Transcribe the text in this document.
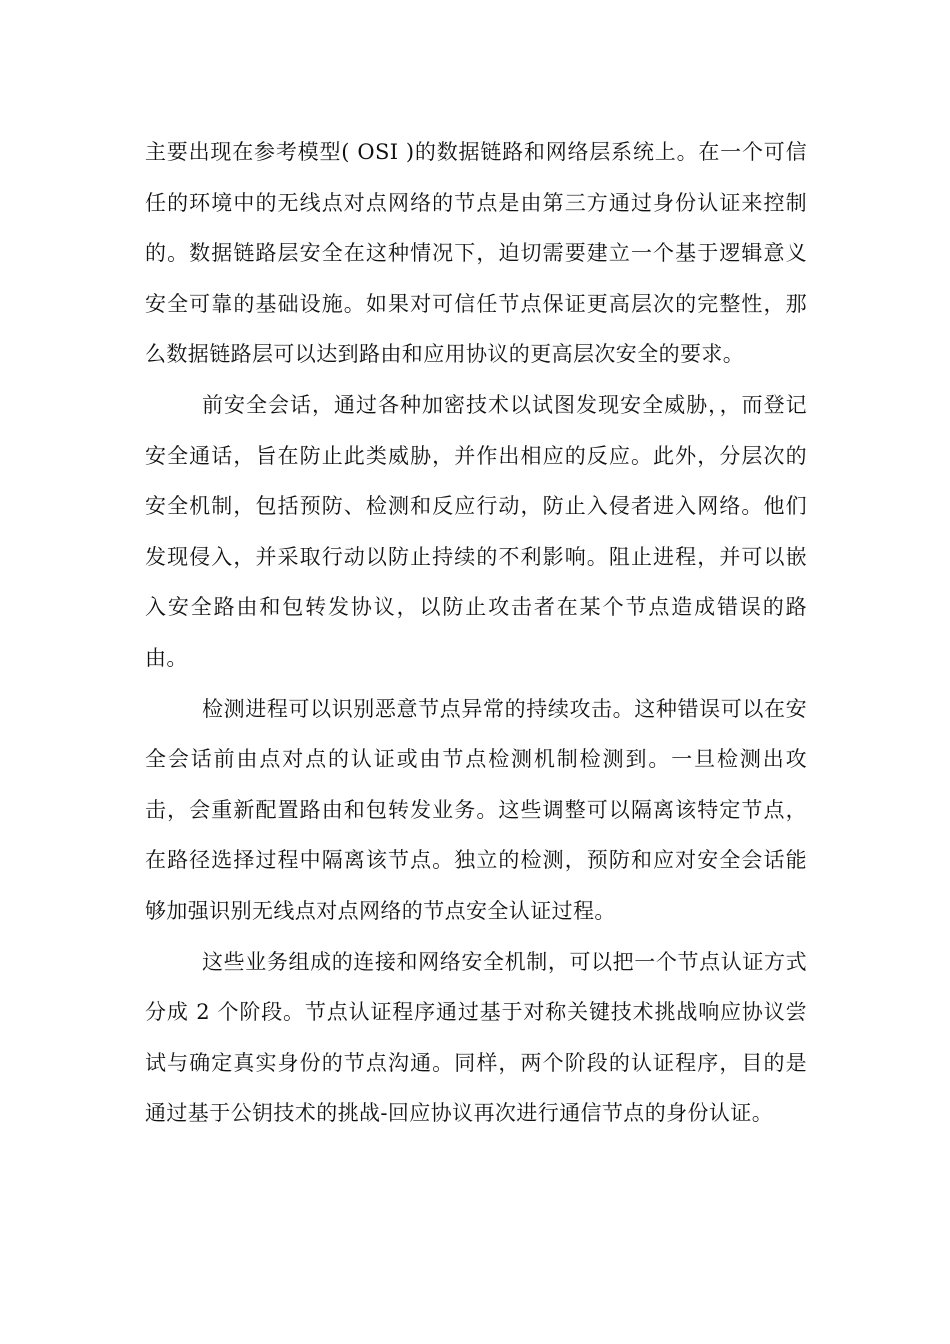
主要出现在参考模型( OSI )的数据链路和网络层系统上。在一个可信任的环境中的无线点对点网络的节点是由第三方通过身份认证来控制的。数据链路层安全在这种情况下，迫切需要建立一个基于逻辑意义安全可靠的基础设施。如果对可信任节点保证更高层次的完整性，那么数据链路层可以达到路由和应用协议的更高层次安全的要求。

前安全会话，通过各种加密技术以试图发现安全威胁，，而登记安全通话，旨在防止此类威胁，并作出相应的反应。此外，分层次的安全机制，包括预防、检测和反应行动，防止入侵者进入网络。他们发现侵入，并采取行动以防止持续的不利影响。阻止进程，并可以嵌入安全路由和包转发协议，以防止攻击者在某个节点造成错误的路由。

检测进程可以识别恶意节点异常的持续攻击。这种错误可以在安全会话前由点对点的认证或由节点检测机制检测到。一旦检测出攻击，会重新配置路由和包转发业务。这些调整可以隔离该特定节点，在路径选择过程中隔离该节点。独立的检测，预防和应对安全会话能够加强识别无线点对点网络的节点安全认证过程。

这些业务组成的连接和网络安全机制，可以把一个节点认证方式分成 2 个阶段。节点认证程序通过基于对称关键技术挑战响应协议尝试与确定真实身份的节点沟通。同样，两个阶段的认证程序，目的是通过基于公钥技术的挑战-回应协议再次进行通信节点的身份认证。
